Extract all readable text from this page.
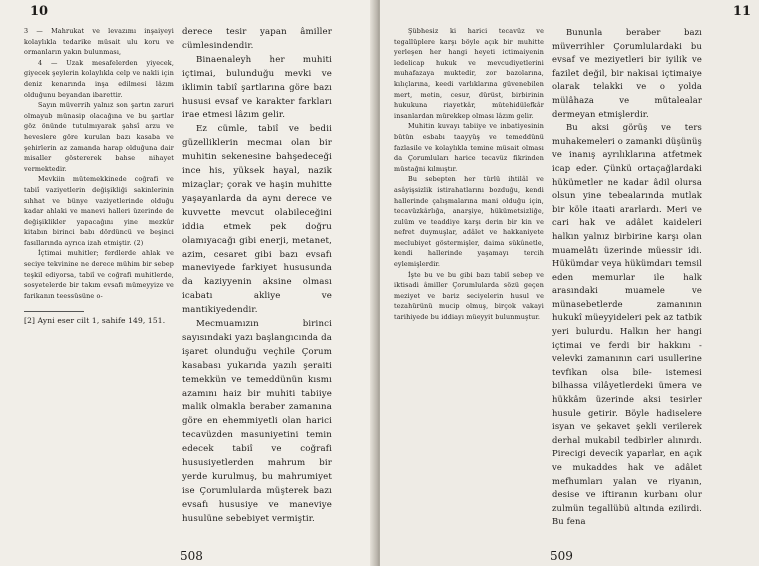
10

3 — Mahrukat ve levazımı inşaiyeyi kolaylıkla tedarike müsait ulu koru ve ormanların yakın bulunması,

4 — Uzak mesafelerden yiyecek, giyecek şeylerin kolaylıkla celp ve nakli için deniz kenarında inşa edilmesi lâzım olduğunu beyandan ibarettir.

Sayın müverrih yalnız son şartın zaruri olmayub münasip olacağına ve bu şartlar göz önünde tutulmıyarak şahsî arzu ve heveslere göre kurulan bazı kasaba ve şehirlerin az zamanda harap olduğuna dair misaller göstererek bahse nihayet vermektedir.

Mevkiin mütemekkinede coğrafi ve tabiî vaziyetlerin değişikliği sakinlerinin sıhhat ve bünye vaziyetlerinde olduğu kadar ahlaki ve manevi halleri üzerinde de değişiklikler yapacağını yine mezkûr kitabın birinci babı dördüncü ve beşinci fasıllarında ayrıca izah etmiştir. (2)

İçtimai muhitler; ferdlerde ahlak ve seciye tekvinine ne derece mühim bir sebep teşkil ediyorsa, tabiî ve coğrafi muhitlerde, sosyetelerde bir takım evsafı mümeyyize ve farikanın teessüsüne o-

[2] Ayni eser cilt 1, sahife 149, 151.

derece tesir yapan âmiller cümlesindendir.

Binaenaleyh her muhiti içtimai, bulunduğu mevki ve iklimin tabiî şartlarına göre bazı hususi evsaf ve karakter farkları irae etmesi lâzım gelir.

Ez cümle, tabiî ve bedii güzelliklerin mecmaı olan bir muhitin sekenesine bahşedeceği ince his, yüksek hayal, nazik mizaçlar; çorak ve haşin muhitte yaşayanlarda da aynı derece ve kuvvette mevcut olabileceğini iddia etmek pek doğru olamıyacağı gibi enerji, metanet, azim, cesaret gibi bazı evsafı maneviyede farkiyet hususunda da kaziyyenin aksine olması icabatı akliye ve mantikiyedendir.

Mecmuamızın birinci sayısındaki yazı başlangıcında da işaret olunduğu veçhile Çorum kasabası yukarıda yazılı şeraiti temekkün ve temeddünün kısmı azamını haiz bir muhiti tabiiye malik olmakla beraber zamanına göre en ehemmiyetli olan harici tecavüzden masuniyetini temin edecek tabiî ve coğrafi hususiyetlerden mahrum bir yerde kurulmuş, bu mahrumiyet ise Çorumlularda müşterek bazı evsafı hususiye ve maneviye husulüne sebebiyet vermiştir.

508
11

Şübhesiz ki harici tecavüz ve tegallüplere karşı böyle açık bir muhitte yerleşen her hangi heyeti ictimaiyenin ledelicap hukuk ve mevcudiyetlerini muhafazaya muktedir, zor bazolarına, kılıçlarına, keedi varlıklarına güvenebilen mert, metin, cesur, dürüst, birbirinin hukukuna riayetkâr, mütehidülefkâr insanlardan mürekkep olması lâzım gelir.

Muhitin kuvayı tabiiye ve inbatiyesinin bütün esbabı taayyüş ve temeddünü fazlasile ve kolaylıkla temine müsait olması da Çorumluları harice tecavüz fikrinden müstağni kılmıştır.

Bu sebepten her türlü ihtilâl ve asâyişsizlik istirahatlarını bozduğu, kendi hallerinde çalışmalarına mani olduğu için, tecavüzkârlığa, anarşiye, hükümetsizliğe, zulüm ve teaddiye karşı derin bir kin ve nefret duymuşlar, adâlet ve hakkaniyete meclubiyet göstermişler, daima sükûnetle, kendi hallerinde yaşamayı tercih eylemişlerdir.

İşte bu ve bu gibi bazı tabiî sebep ve iktisadi âmiller Çorumlularda sözü geçen meziyet ve bariz seciyelerin husul ve tezahürünü mucip olmuş, birçok vakayi tarihiyede bu iddiayı müeyyit bulunmuştur.

Bununla beraber bazı müverrihler Çorumlulardaki bu evsaf ve meziyetleri bir iyilik ve fazilet değil, bir nakisai içtimaiye olarak telakki ve o yolda mülâhaza ve mütalealar dermeyan etmişlerdir.

Bu aksi görüş ve ters muhakemeleri o zamanki düşünüş ve inanış ayrılıklarına atfetmek icap eder. Çünkü ortaçağlardaki hükümetler ne kadar âdil olursa olsun yine tebealarında mutlak bir köle itaati ararlardı. Meri ve cari hak ve adâlet kaideleri halkın yalnız birbirine karşı olan muamelâtı üzerinde müessir idi. Hükümdar veya hükümdarı temsil eden memurlar ile halk arasındaki muamele ve münasebetlerde zamanının hukukî müeyyideleri pek az tatbik yeri bulurdu. Halkın her hangi içtimai ve ferdi bir hakkını -velevki zamanının cari usullerine tevfikan olsa bile- istemesi bilhassa vilâyetlerdeki ümera ve hükkâm üzerinde aksi tesirler husule getirir. Böyle hadiselere isyan ve şekavet şekli verilerek derhal mukabil tedbirler alınırdı. Pirecigi devecik yaparlar, en açık ve mukaddes hak ve adâlet mefhumları yalan ve riyanın, desise ve iftiranın kurbanı olur zulmün tegallübü altında ezilirdi. Bu fena

509
